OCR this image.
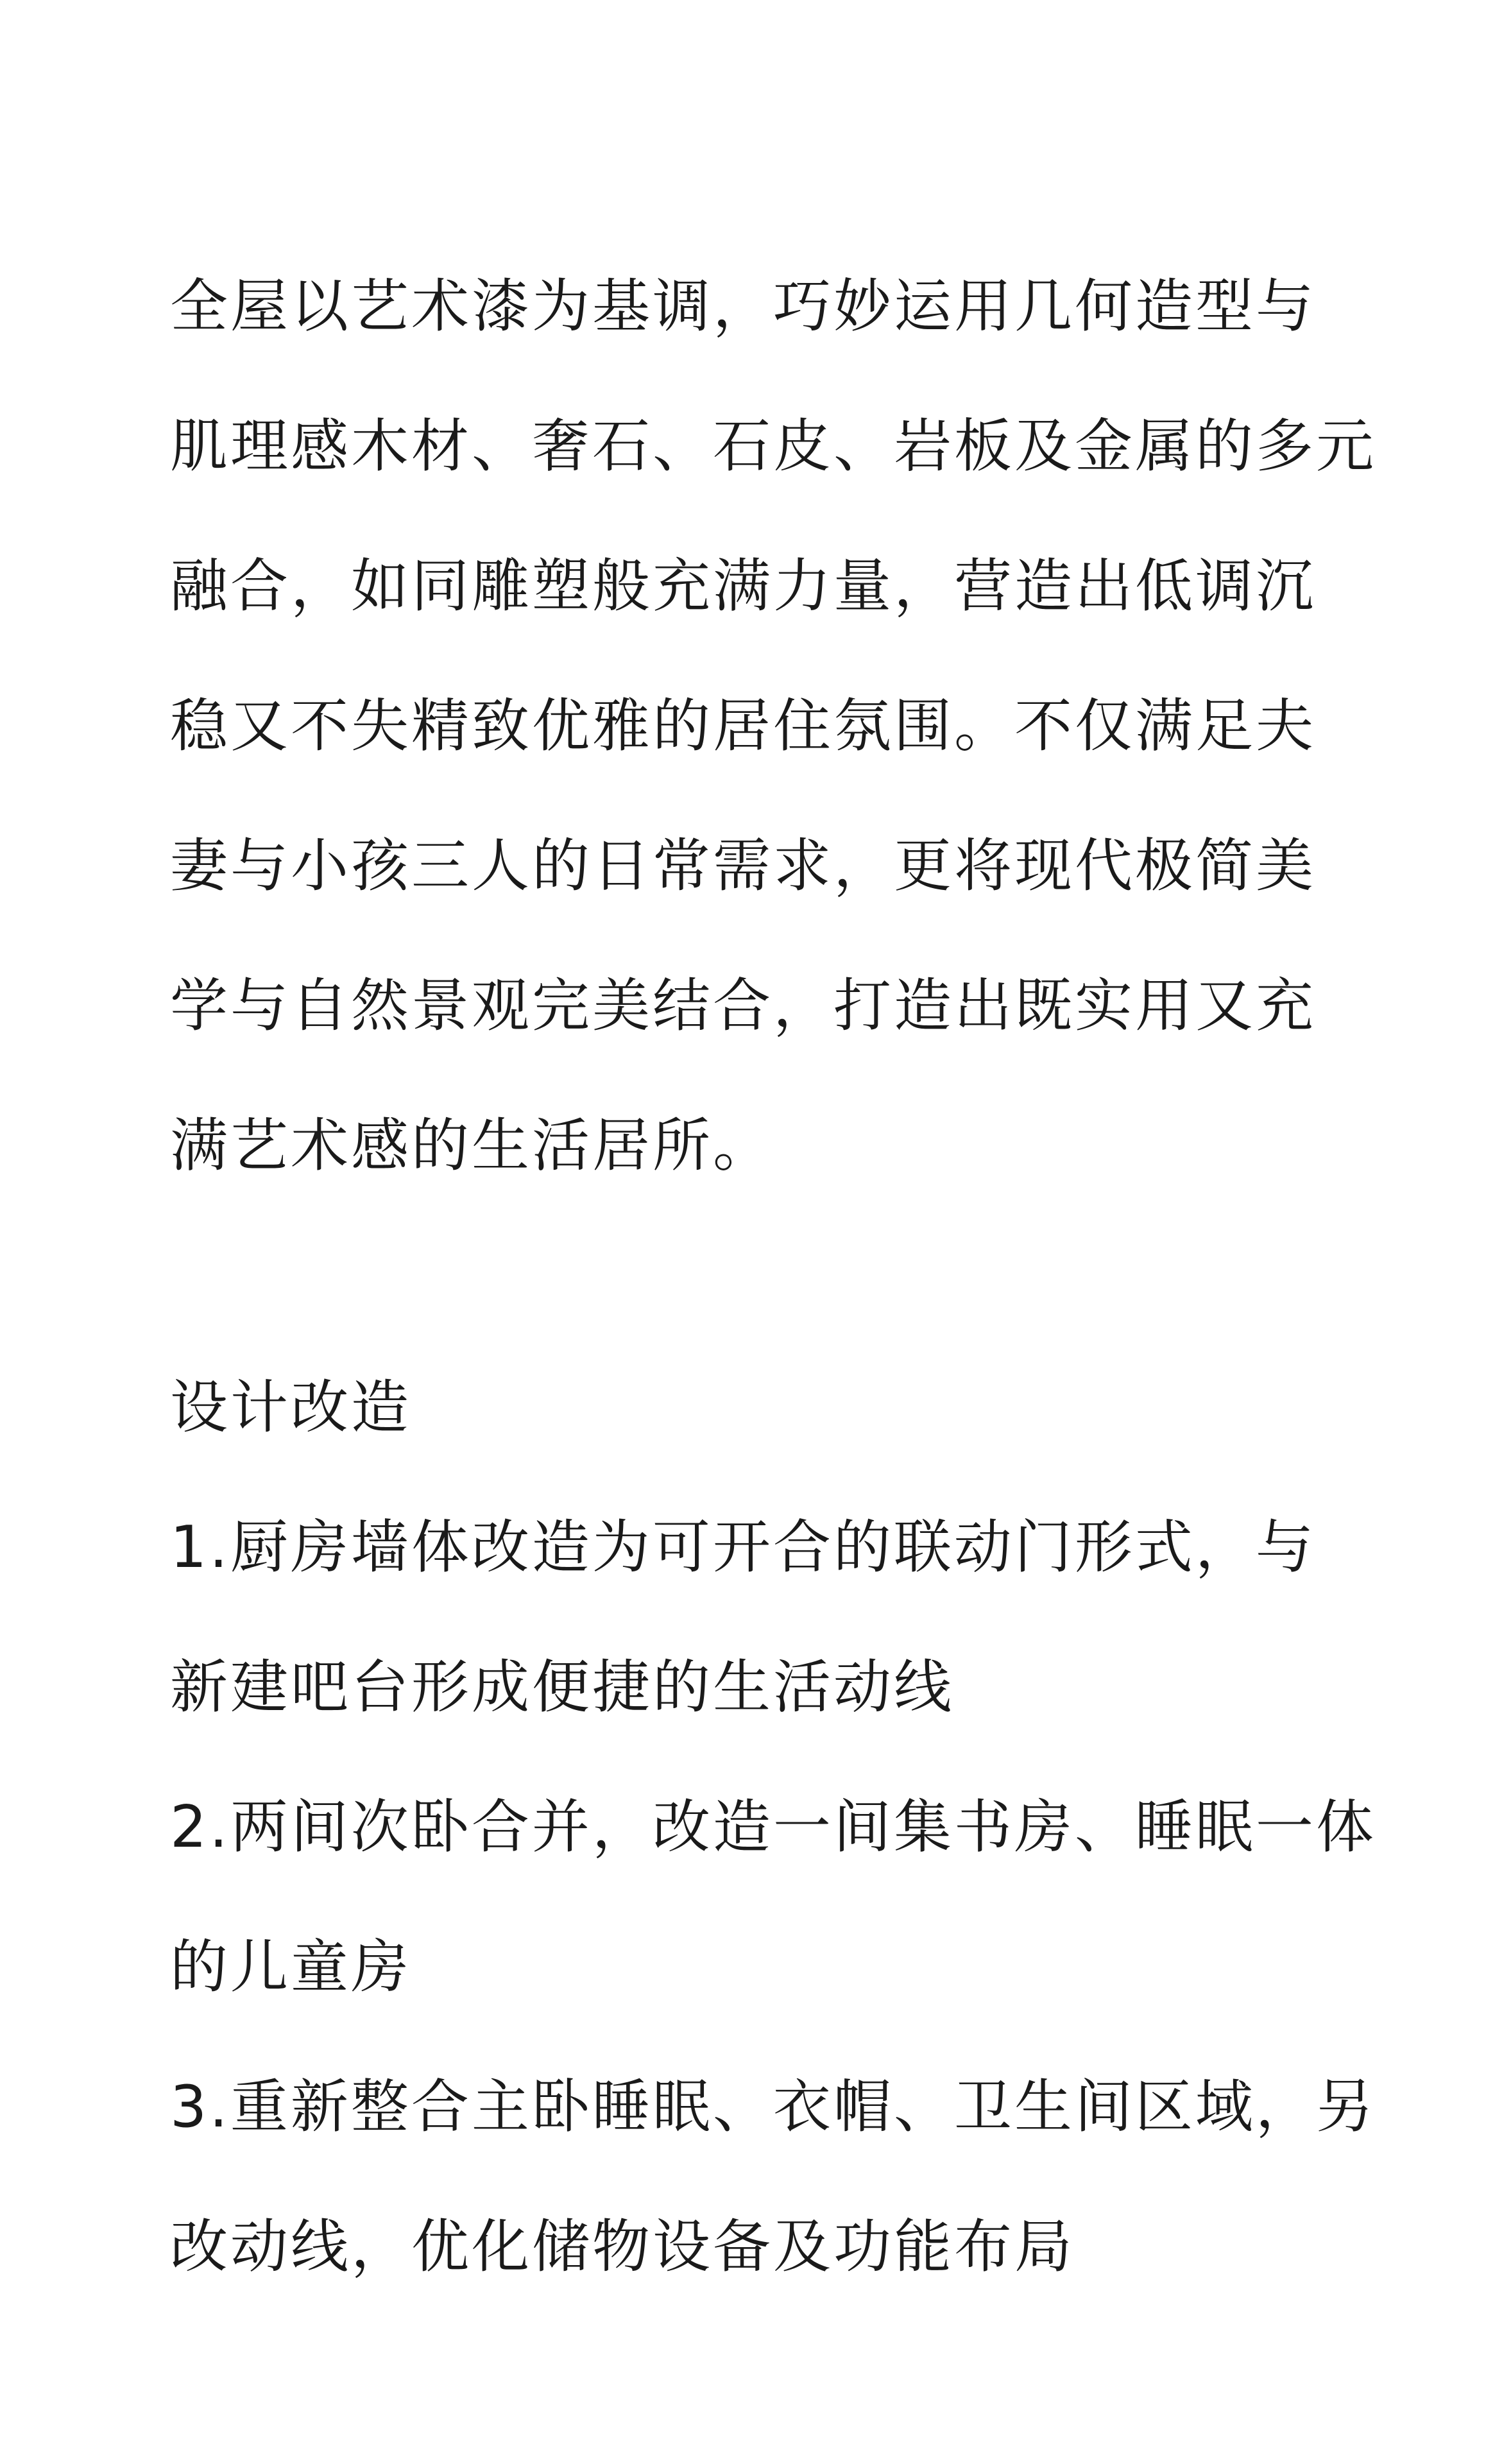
全屋以艺术漆为基调，巧妙运用几何造型与
肌理感木材、奢石、石皮、岩板及金属的多元
融合，如同雕塑般充满力量，营造出低调沉
稳又不失精致优雅的居住氛围。不仅满足夫
妻与小孩三人的日常需求，更将现代极简美
学与自然景观完美结合，打造出既实用又充
满艺术感的生活居所。
设计改造
1.厨房墙体改造为可开合的联动门形式，与
新建吧台形成便捷的生活动线
2.两间次卧合并，改造一间集书房、睡眠一体
的儿童房
3.重新整合主卧睡眠、衣帽、卫生间区域，另
改动线，优化储物设备及功能布局
